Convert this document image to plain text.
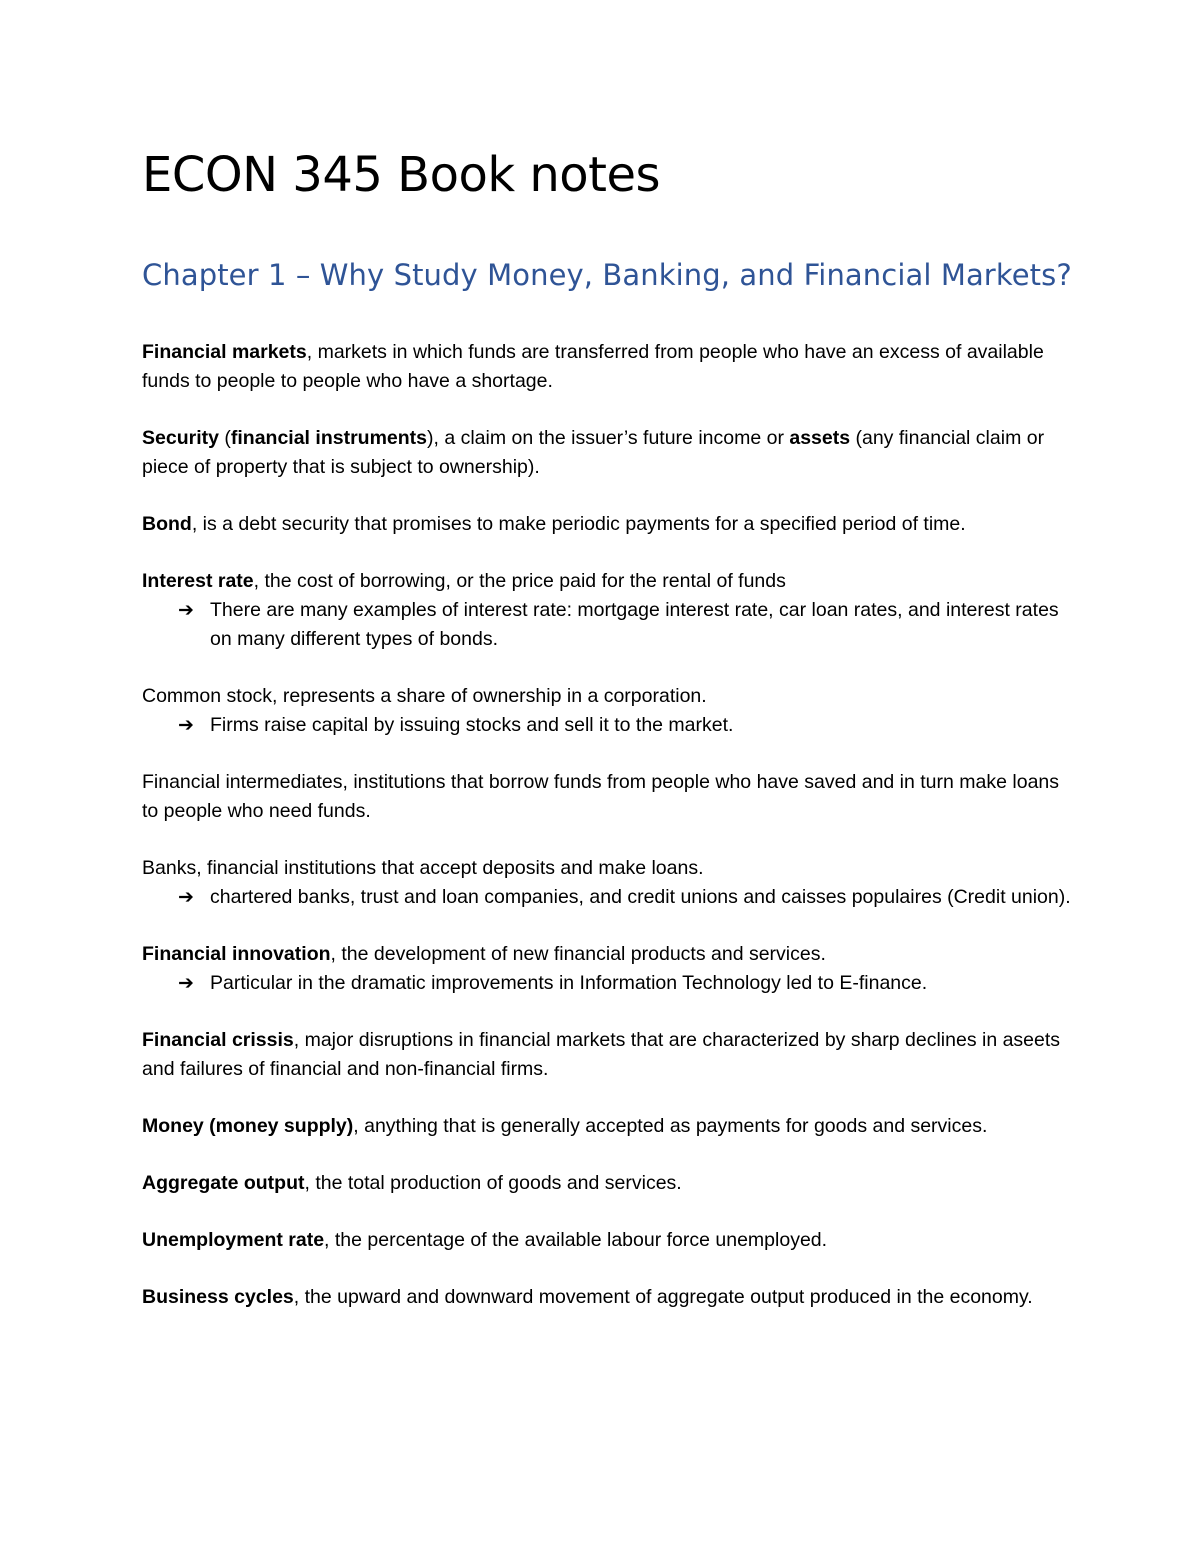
ECON 345 Book notes
Chapter 1 – Why Study Money, Banking, and Financial Markets?

Financial markets, markets in which funds are transferred from people who have an excess of available funds to people to people who have a shortage.

Security (financial instruments), a claim on the issuer’s future income or assets (any financial claim or piece of property that is subject to ownership).

Bond, is a debt security that promises to make periodic payments for a specified period of time.

Interest rate, the cost of borrowing, or the price paid for the rental of funds
➔ There are many examples of interest rate: mortgage interest rate, car loan rates, and interest rates on many different types of bonds.
Common stock, represents a share of ownership in a corporation.
➔ Firms raise capital by issuing stocks and sell it to the market.

Financial intermediates, institutions that borrow funds from people who have saved and in turn make loans to people who need funds.

Banks, financial institutions that accept deposits and make loans.
➔ chartered banks, trust and loan companies, and credit unions and caisses populaires (Credit union).
Financial innovation, the development of new financial products and services.
➔ Particular in the dramatic improvements in Information Technology led to E-finance.

Financial crissis, major disruptions in financial markets that are characterized by sharp declines in aseets and failures of financial and non-financial firms.

Money (money supply), anything that is generally accepted as payments for goods and services.

Aggregate output, the total production of goods and services.

Unemployment rate, the percentage of the available labour force unemployed.

Business cycles, the upward and downward movement of aggregate output produced in the economy.
